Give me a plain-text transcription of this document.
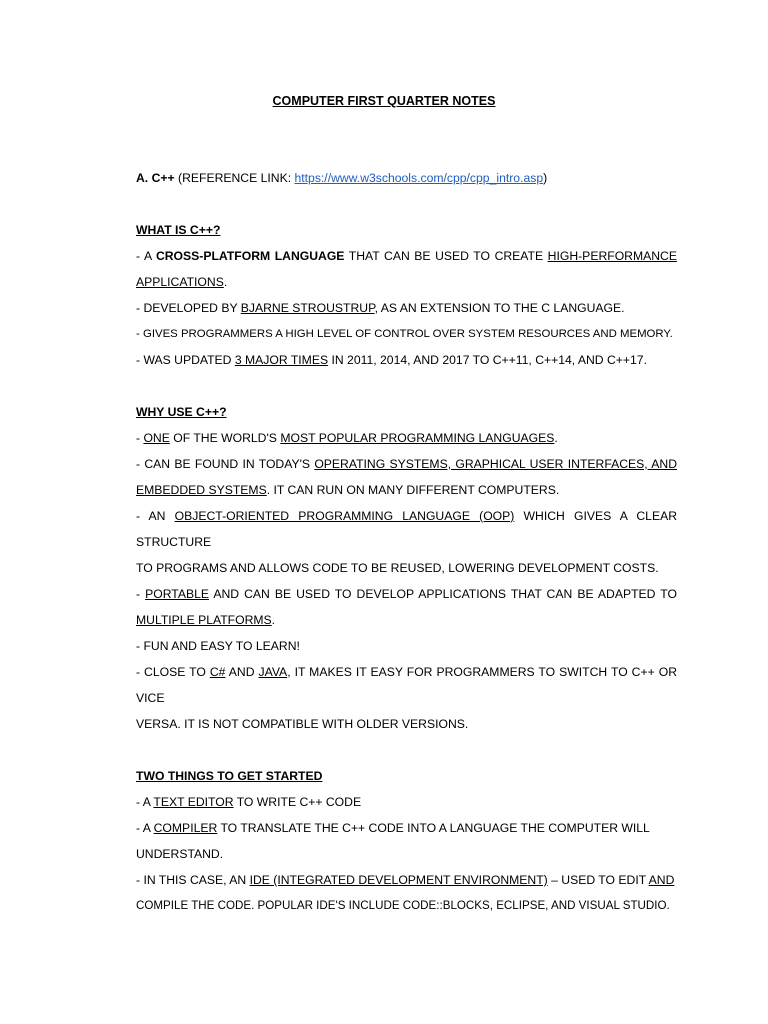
COMPUTER FIRST QUARTER NOTES

A. C++ (REFERENCE LINK: https://www.w3schools.com/cpp/cpp_intro.asp)

WHAT IS C++?

- A CROSS-PLATFORM LANGUAGE THAT CAN BE USED TO CREATE HIGH-PERFORMANCE

APPLICATIONS.

- DEVELOPED BY BJARNE STROUSTRUP, AS AN EXTENSION TO THE C LANGUAGE.

- GIVES PROGRAMMERS A HIGH LEVEL OF CONTROL OVER SYSTEM RESOURCES AND MEMORY.

- WAS UPDATED 3 MAJOR TIMES IN 2011, 2014, AND 2017 TO C++11, C++14, AND C++17.

WHY USE C++?

- ONE OF THE WORLD'S MOST POPULAR PROGRAMMING LANGUAGES.

- CAN BE FOUND IN TODAY'S OPERATING SYSTEMS, GRAPHICAL USER INTERFACES, AND

EMBEDDED SYSTEMS. IT CAN RUN ON MANY DIFFERENT COMPUTERS.

- AN OBJECT-ORIENTED PROGRAMMING LANGUAGE (OOP) WHICH GIVES A CLEAR STRUCTURE

TO PROGRAMS AND ALLOWS CODE TO BE REUSED, LOWERING DEVELOPMENT COSTS.

- PORTABLE AND CAN BE USED TO DEVELOP APPLICATIONS THAT CAN BE ADAPTED TO

MULTIPLE PLATFORMS.

- FUN AND EASY TO LEARN!

- CLOSE TO C# AND JAVA, IT MAKES IT EASY FOR PROGRAMMERS TO SWITCH TO C++ OR VICE

VERSA. IT IS NOT COMPATIBLE WITH OLDER VERSIONS.

TWO THINGS TO GET STARTED

- A TEXT EDITOR TO WRITE C++ CODE

- A COMPILER TO TRANSLATE THE C++ CODE INTO A LANGUAGE THE COMPUTER WILL

UNDERSTAND.

- IN THIS CASE, AN IDE (INTEGRATED DEVELOPMENT ENVIRONMENT) – USED TO EDIT AND

COMPILE THE CODE. POPULAR IDE'S INCLUDE CODE::BLOCKS, ECLIPSE, AND VISUAL STUDIO.
